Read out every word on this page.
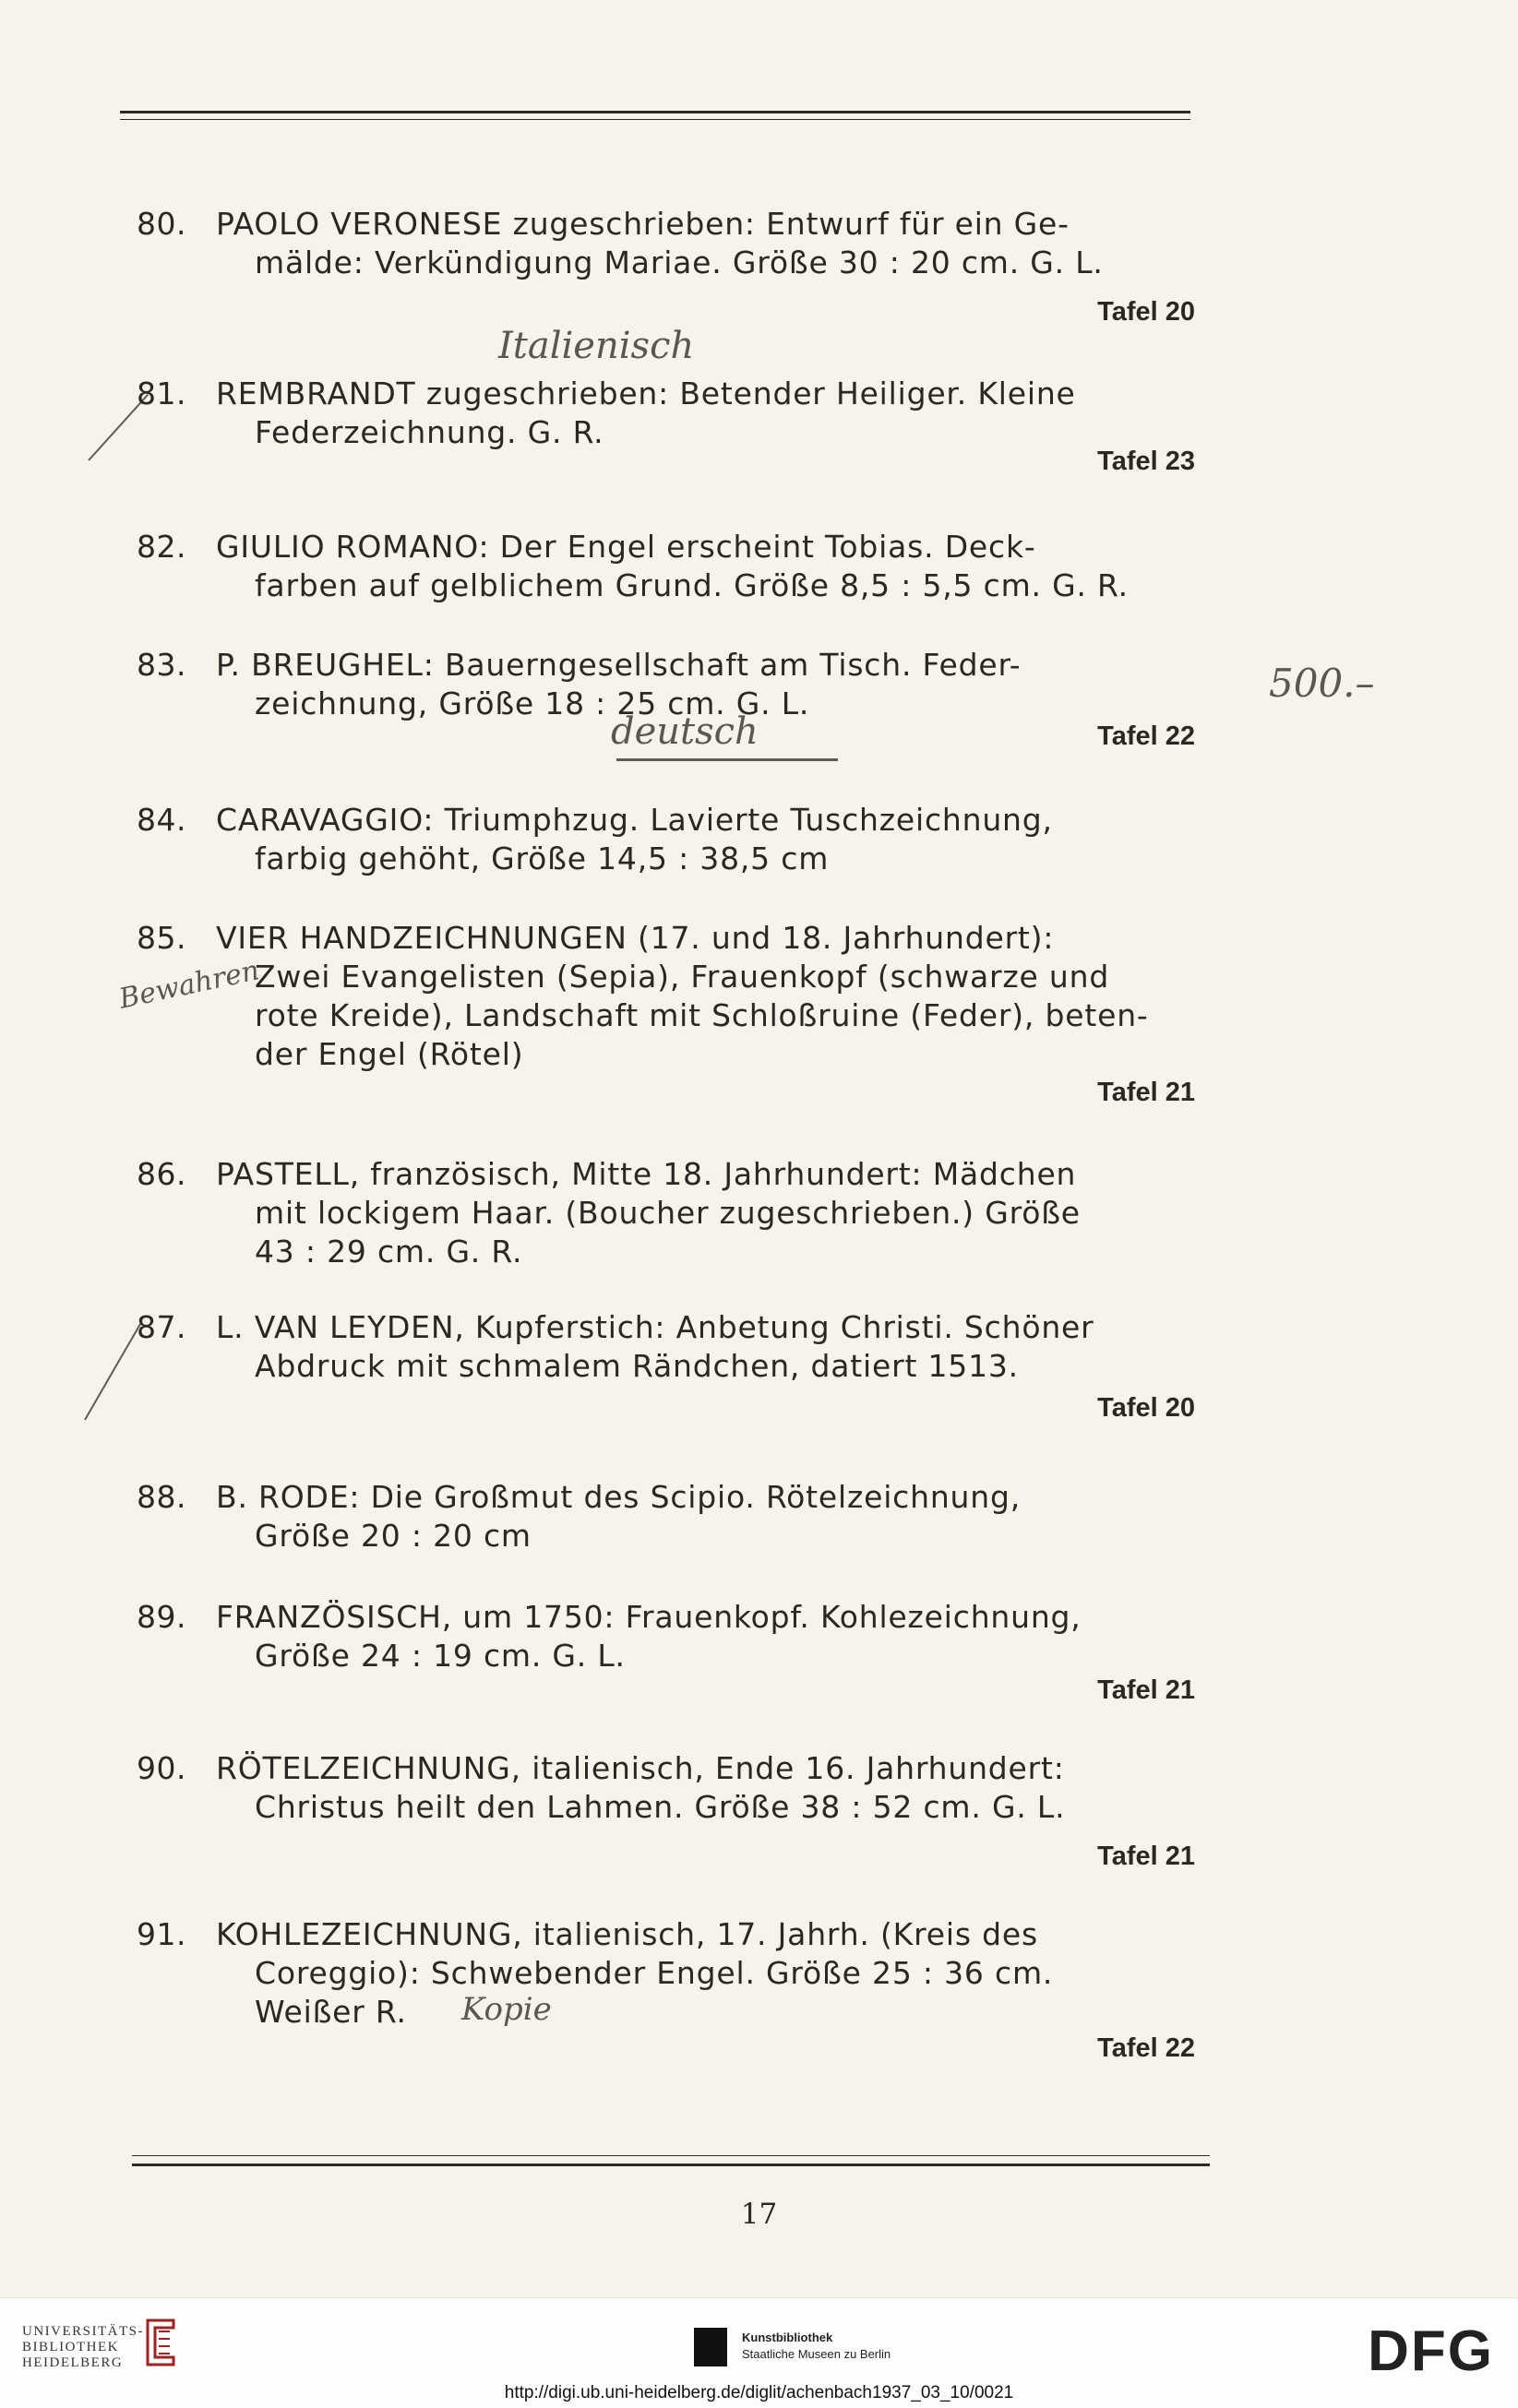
80. PAOLO VERONESE zugeschrieben: Entwurf für ein Ge-
mälde: Verkündigung Mariae. Größe 30 : 20 cm. G. L.
Tafel 20
Italienisch
81. REMBRANDT zugeschrieben: Betender Heiliger. Kleine
Federzeichnung. G. R.
Tafel 23
82. GIULIO ROMANO: Der Engel erscheint Tobias. Deck-
farben auf gelblichem Grund. Größe 8,5 : 5,5 cm. G. R.
83. P. BREUGHEL: Bauerngesellschaft am Tisch. Feder-
zeichnung, Größe 18 : 25 cm. G. L.
deutsch
500.–
Tafel 22
84. CARAVAGGIO: Triumphzug. Lavierte Tuschzeichnung,
farbig gehöht, Größe 14,5 : 38,5 cm
Bewahren
85. VIER HANDZEICHNUNGEN (17. und 18. Jahrhundert):
Zwei Evangelisten (Sepia), Frauenkopf (schwarze und
rote Kreide), Landschaft mit Schloßruine (Feder), beten-
der Engel (Rötel)
Tafel 21
86. PASTELL, französisch, Mitte 18. Jahrhundert: Mädchen
mit lockigem Haar. (Boucher zugeschrieben.) Größe
43 : 29 cm. G. R.
87. L. VAN LEYDEN, Kupferstich: Anbetung Christi. Schöner
Abdruck mit schmalem Rändchen, datiert 1513.
Tafel 20
88. B. RODE: Die Großmut des Scipio. Rötelzeichnung,
Größe 20 : 20 cm
89. FRANZÖSISCH, um 1750: Frauenkopf. Kohlezeichnung,
Größe 24 : 19 cm. G. L.
Tafel 21
90. RÖTELZEICHNUNG, italienisch, Ende 16. Jahrhundert:
Christus heilt den Lahmen. Größe 38 : 52 cm. G. L.
Tafel 21
91. KOHLEZEICHNUNG, italienisch, 17. Jahrh. (Kreis des
Coreggio): Schwebender Engel. Größe 25 : 36 cm.
Weißer R.	Kopie
Tafel 22
17
UNIVERSITÄTS-
BIBLIOTHEK
HEIDELBERG
Kunstbibliothek
Staatliche Museen zu Berlin	DFG
http://digi.ub.uni-heidelberg.de/diglit/achenbach1937_03_10/0021
